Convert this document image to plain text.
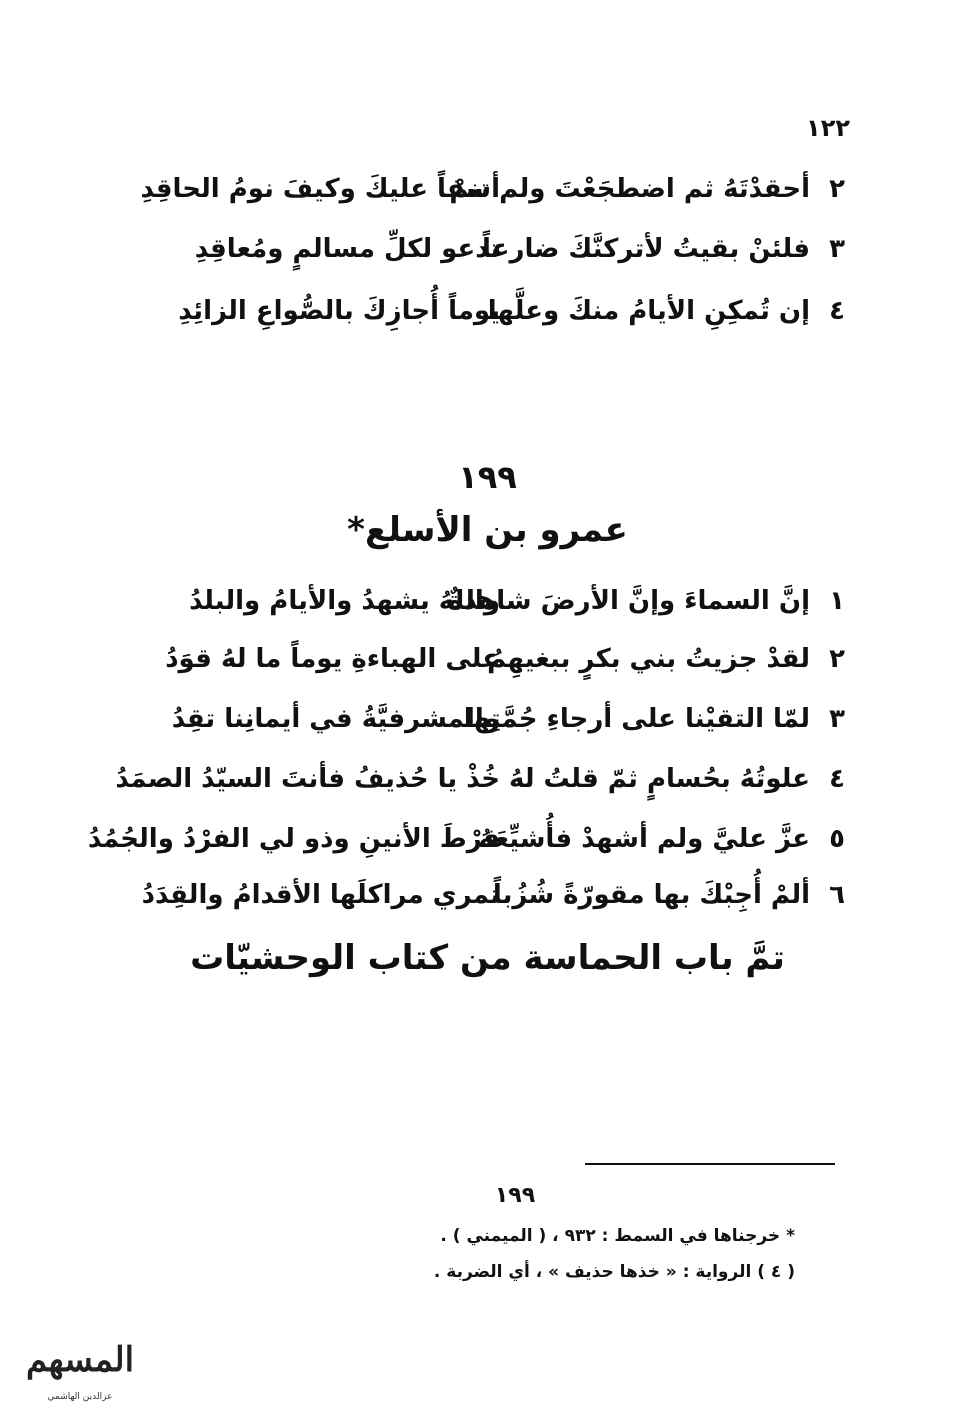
١٢٢
٢
أحقدْتَهُ ثم اضطجَعْتَ ولم تنمْ
أسفاً عليكَ وكيفَ نومُ الحاقِدِ
٣
فلئنْ بقيتُ لأتركنَّكَ ضارعاً
تدعو لكلِّ مسالمٍ ومُعاقِدِ
٤
إن تُمكِنِ الأيامُ منكَ وعلَّها
يوماً أُجازِكَ بالصُّواعِ الزائِدِ
١٩٩
عمرو بن الأسلع*
١
إنَّ السماءَ وإنَّ الأرضَ شاهدةٌ
واللهُ يشهدُ والأيامُ والبلدُ
٢
لقدْ جزيتُ بني بكرٍ ببغيهِمُ
على الهباءةِ يوماً ما لهُ قوَدُ
٣
لمّا التقيْنا على أرجاءِ جُمَّتِها
والمشرفيَّةُ في أيمانِنا تقِدُ
٤
علوتُهُ بحُسامٍ ثمّ قلتُ لهُ
خُذْ يا حُذيفُ فأنتَ السيّدُ الصمَدُ
٥
عزَّ عليَّ ولم أشهدْ فأُشيِّعَهُ
فرْطَ الأنينِ وذو لي الفرْدُ والجُمُدُ
٦
ألمْ أُجِبْكَ بها مقورّةً شُزُباً
تمري مراكلَها الأقدامُ والقِدَدُ
تمَّ باب الحماسة من كتاب الوحشيّات
١٩٩
* خرجناها في السمط : ٩٣٢ ، ( الميمني ) .
( ٤ ) الرواية : « خذها حذيف » ، أي الضربة .
المسهم
عزالدين الهاشمي
